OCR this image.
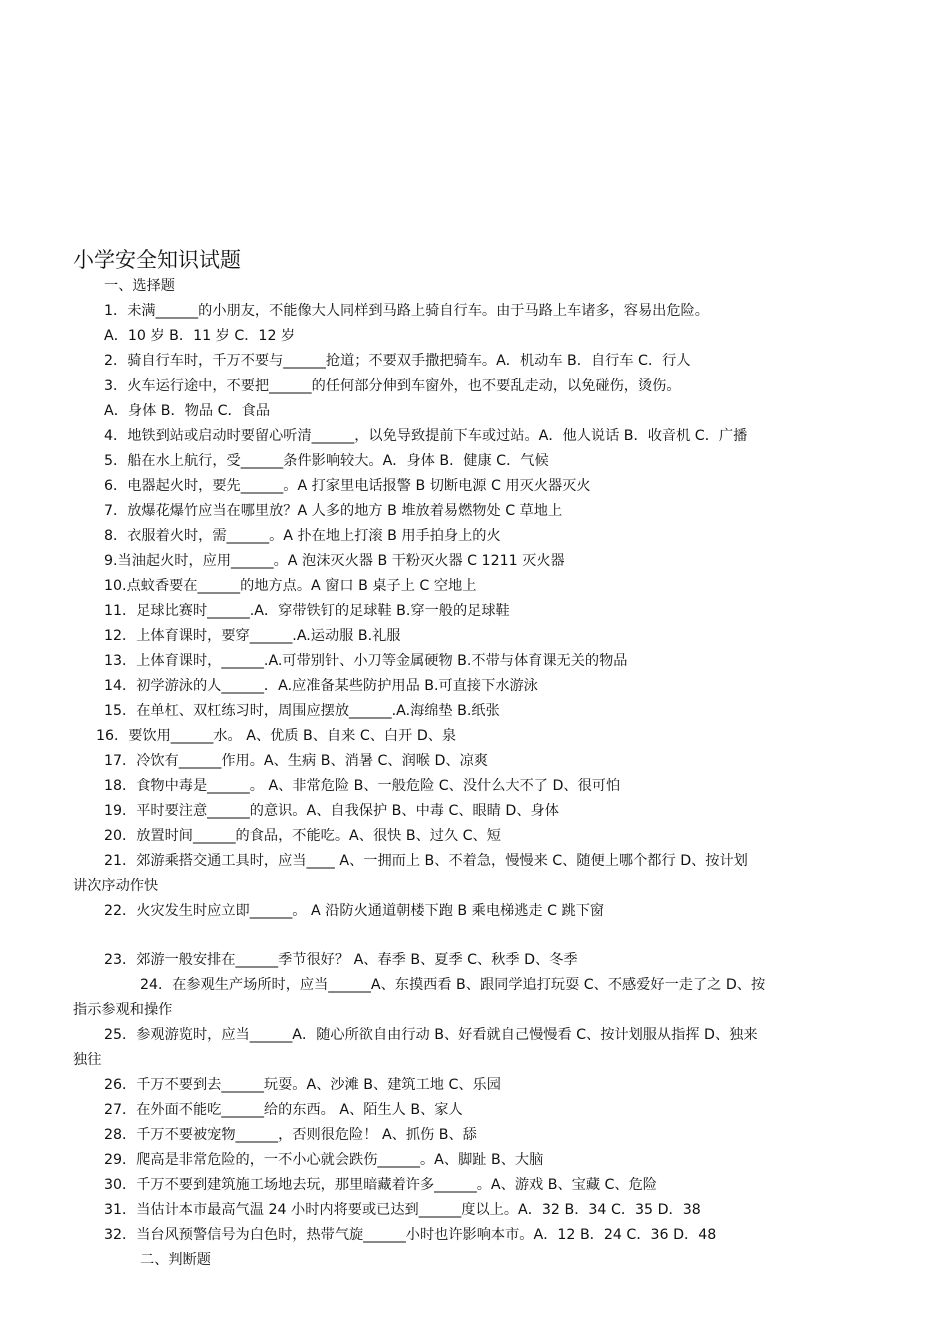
小学安全知识试题
一、选择题
1．未满______的小朋友，不能像大人同样到马路上骑自行车。由于马路上车诸多，容易出危险。
A．10 岁 B．11 岁 C．12 岁
2．骑自行车时，千万不要与______抢道；不要双手撒把骑车。A．机动车 B．自行车 C．行人
3．火车运行途中，不要把______的任何部分伸到车窗外，也不要乱走动，以免碰伤，烫伤。
A．身体 B．物品 C．食品
4．地铁到站或启动时要留心听清______，以免导致提前下车或过站。A．他人说话 B．收音机 C．广播
5．船在水上航行，受______条件影响较大。A．身体 B．健康 C．气候
6．电器起火时，要先______。A 打家里电话报警 B 切断电源 C 用灭火器灭火
7．放爆花爆竹应当在哪里放？A 人多的地方 B 堆放着易燃物处 C 草地上
8．衣服着火时，需______。A 扑在地上打滚 B 用手拍身上的火
9.当油起火时，应用______。A 泡沫灭火器 B 干粉灭火器 C 1211 灭火器
10.点蚊香要在______的地方点。A 窗口 B 桌子上 C 空地上
11．足球比赛时______.A．穿带铁钉的足球鞋 B.穿一般的足球鞋
12．上体育课时，要穿______.A.运动服 B.礼服
13．上体育课时，______.A.可带别针、小刀等金属硬物 B.不带与体育课无关的物品
14．初学游泳的人______．A.应准备某些防护用品 B.可直接下水游泳
15．在单杠、双杠练习时，周围应摆放______.A.海绵垫 B.纸张
16．要饮用______水。 A、优质 B、自来 C、白开 D、泉
17．冷饮有______作用。A、生病 B、消暑 C、润喉 D、凉爽
18．食物中毒是______。 A、非常危险 B、一般危险 C、没什么大不了 D、很可怕
19．平时要注意______的意识。A、自我保护 B、中毒 C、眼睛 D、身体
20．放置时间______的食品，不能吃。A、很快 B、过久 C、短
21．郊游乘搭交通工具时，应当____ A、一拥而上 B、不着急，慢慢来 C、随便上哪个都行 D、按计划
讲次序动作快
22．火灾发生时应立即______。 A 沿防火通道朝楼下跑 B 乘电梯逃走 C 跳下窗
23．郊游一般安排在______季节很好？ A、春季 B、夏季 C、秋季 D、冬季
24．在参观生产场所时，应当______A、东摸西看 B、跟同学追打玩耍 C、不感爱好一走了之 D、按
指示参观和操作
25．参观游览时，应当______A．随心所欲自由行动 B、好看就自己慢慢看 C、按计划服从指挥 D、独来
独往
26．千万不要到去______玩耍。A、沙滩 B、建筑工地 C、乐园
27．在外面不能吃______给的东西。 A、陌生人 B、家人
28．千万不要被宠物______，否则很危险！ A、抓伤 B、舔
29．爬高是非常危险的，一不小心就会跌伤______。A、脚趾 B、大脑
30．千万不要到建筑施工场地去玩，那里暗藏着许多______。A、游戏 B、宝藏 C、危险
31．当估计本市最高气温 24 小时内将要或已达到______度以上。A．32 B．34 C．35 D．38
32．当台风预警信号为白色时，热带气旋______小时也许影响本市。A．12 B．24 C．36 D．48
二、判断题
